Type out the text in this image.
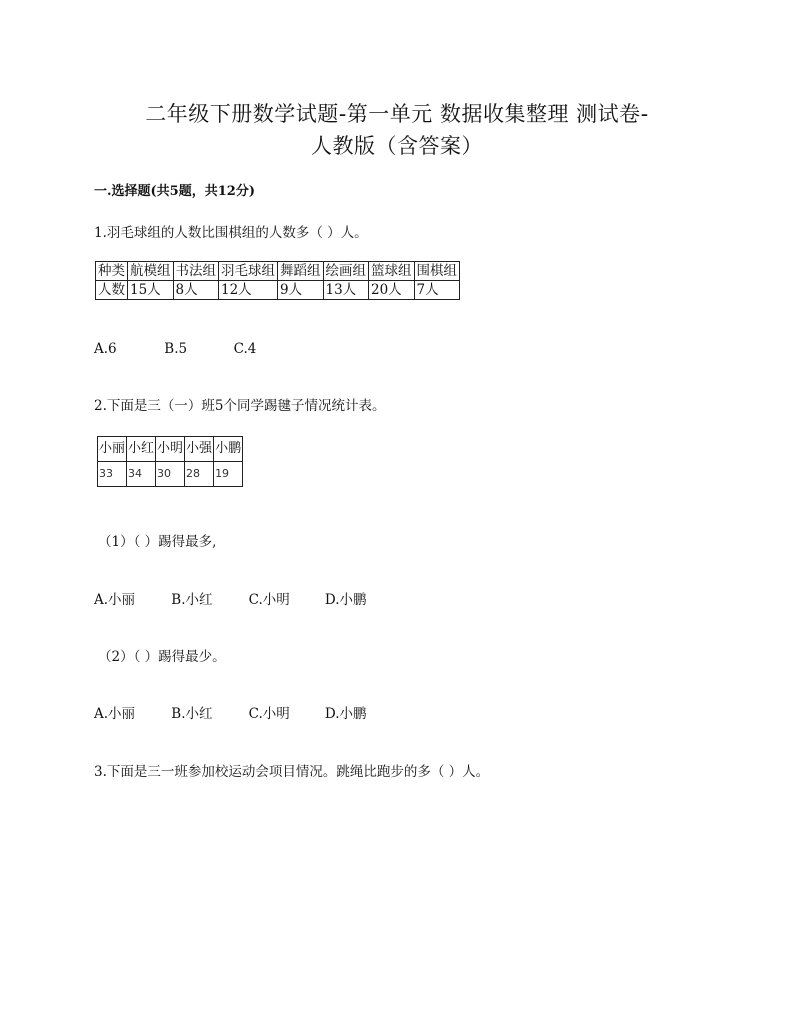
二年级下册数学试题-第一单元 数据收集整理 测试卷-
人教版（含答案）
一.选择题(共5题，共12分)
1.羽毛球组的人数比围棋组的人数多（ ）人。
种类	航模组	书法组	羽毛球组	舞蹈组	绘画组	篮球组	围棋组
人数	15人	8人	12人	9人	13人	20人	7人
A.6	B.5	C.4
2.下面是三（一）班5个同学踢毽子情况统计表。
小丽	小红	小明	小强	小鹏
33	34	30	28	19
（1）（ ）踢得最多,
A.小丽	B.小红	C.小明	D.小鹏
（2）（ ）踢得最少。
A.小丽	B.小红	C.小明	D.小鹏
3.下面是三一班参加校运动会项目情况。跳绳比跑步的多（ ）人。
